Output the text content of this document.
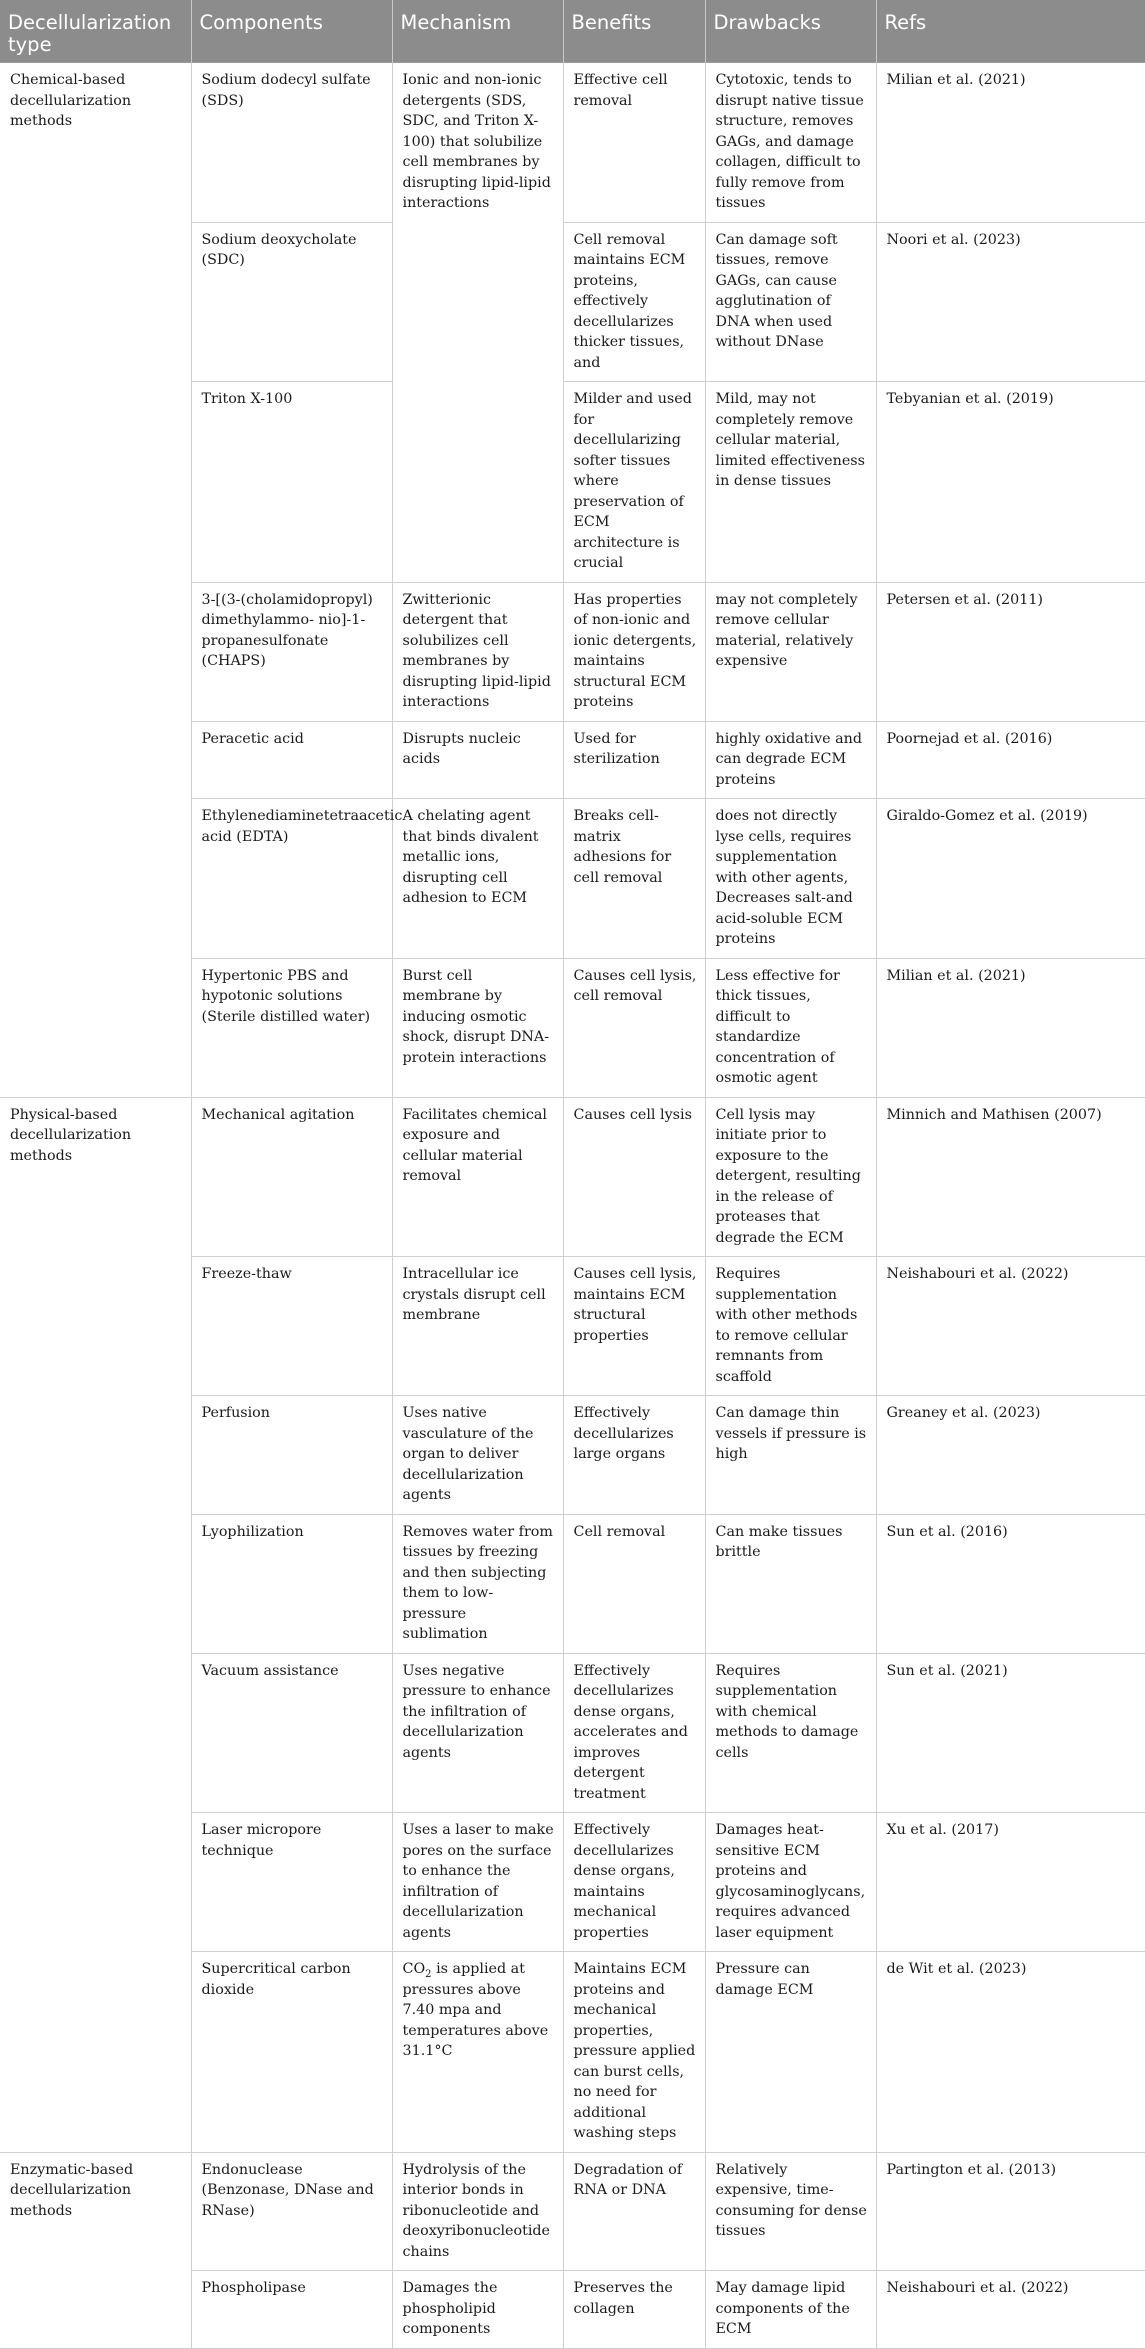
Decellularization type	Components	Mechanism	Benefits	Drawbacks	Refs
Chemical-based decellularization methods	Sodium dodecyl sulfate (SDS)	Ionic and non-ionic detergents (SDS, SDC, and Triton X-100) that solubilize cell membranes by disrupting lipid-lipid interactions	Effective cell removal	Cytotoxic, tends to disrupt native tissue structure, removes GAGs, and damage collagen, difficult to fully remove from tissues	Milian et al. (2021)
	Sodium deoxycholate (SDC)		Cell removal maintains ECM proteins, effectively decellularizes thicker tissues, and	Can damage soft tissues, remove GAGs, can cause agglutination of DNA when used without DNase	Noori et al. (2023)
	Triton X-100		Milder and used for decellularizing softer tissues where preservation of ECM architecture is crucial	Mild, may not completely remove cellular material, limited effectiveness in dense tissues	Tebyanian et al. (2019)
	3-[(3-(cholamidopropyl) dimethylammo- nio]-1-propanesulfonate (CHAPS)	Zwitterionic detergent that solubilizes cell membranes by disrupting lipid-lipid interactions	Has properties of non-ionic and ionic detergents, maintains structural ECM proteins	may not completely remove cellular material, relatively expensive	Petersen et al. (2011)
	Peracetic acid	Disrupts nucleic acids	Used for sterilization	highly oxidative and can degrade ECM proteins	Poornejad et al. (2016)
	Ethylenediaminetetraacetic acid (EDTA)	A chelating agent that binds divalent metallic ions, disrupting cell adhesion to ECM	Breaks cell-matrix adhesions for cell removal	does not directly lyse cells, requires supplementation with other agents, Decreases salt-and acid-soluble ECM proteins	Giraldo-Gomez et al. (2019)
	Hypertonic PBS and hypotonic solutions (Sterile distilled water)	Burst cell membrane by inducing osmotic shock, disrupt DNA-protein interactions	Causes cell lysis, cell removal	Less effective for thick tissues, difficult to standardize concentration of osmotic agent	Milian et al. (2021)
Physical-based decellularization methods	Mechanical agitation	Facilitates chemical exposure and cellular material removal	Causes cell lysis	Cell lysis may initiate prior to exposure to the detergent, resulting in the release of proteases that degrade the ECM	Minnich and Mathisen (2007)
	Freeze-thaw	Intracellular ice crystals disrupt cell membrane	Causes cell lysis, maintains ECM structural properties	Requires supplementation with other methods to remove cellular remnants from scaffold	Neishabouri et al. (2022)
	Perfusion	Uses native vasculature of the organ to deliver decellularization agents	Effectively decellularizes large organs	Can damage thin vessels if pressure is high	Greaney et al. (2023)
	Lyophilization	Removes water from tissues by freezing and then subjecting them to low-pressure sublimation	Cell removal	Can make tissues brittle	Sun et al. (2016)
	Vacuum assistance	Uses negative pressure to enhance the infiltration of decellularization agents	Effectively decellularizes dense organs, accelerates and improves detergent treatment	Requires supplementation with chemical methods to damage cells	Sun et al. (2021)
	Laser micropore technique	Uses a laser to make pores on the surface to enhance the infiltration of decellularization agents	Effectively decellularizes dense organs, maintains mechanical properties	Damages heat-sensitive ECM proteins and glycosaminoglycans, requires advanced laser equipment	Xu et al. (2017)
	Supercritical carbon dioxide	$CO_2$ is applied at pressures above 7.40 mpa and temperatures above 31.1°C	Maintains ECM proteins and mechanical properties, pressure applied can burst cells, no need for additional washing steps	Pressure can damage ECM	de Wit et al. (2023)
Enzymatic-based decellularization methods	Endonuclease (Benzonase, DNase and RNase)	Hydrolysis of the interior bonds in ribonucleotide and deoxyribonucleotide chains	Degradation of RNA or DNA	Relatively expensive, time-consuming for dense tissues	Partington et al. (2013)
	Phospholipase	Damages the phospholipid components	Preserves the collagen	May damage lipid components of the ECM	Neishabouri et al. (2022)
